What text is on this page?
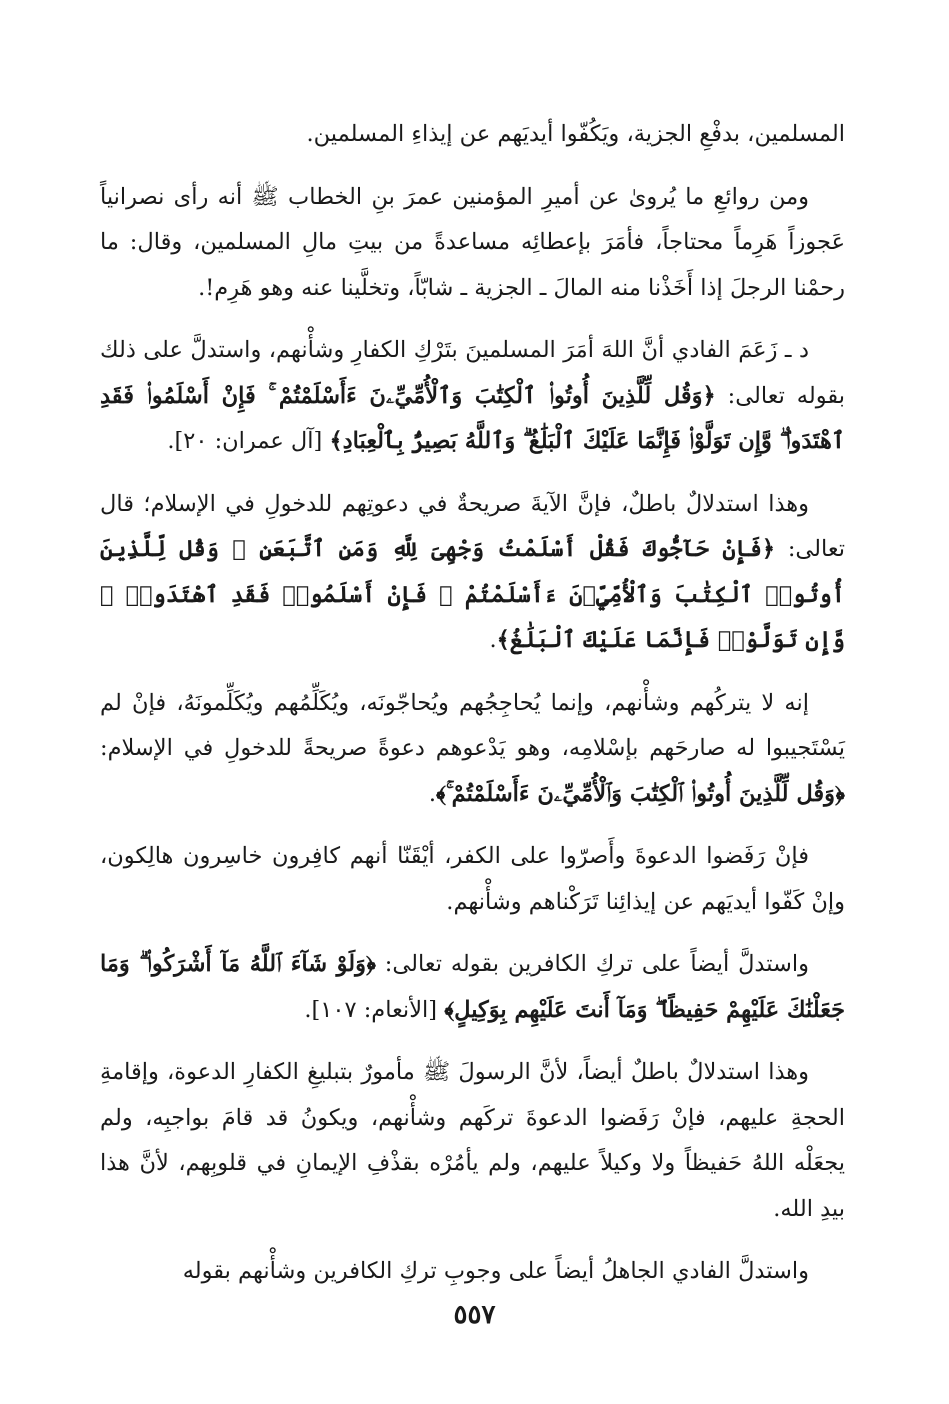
المسلمين، بدفْعِ الجزية، ويَكُفّوا أيديَهم عن إيذاءِ المسلمين.

ومن روائعِ ما يُروىٰ عن أميرِ المؤمنين عمرَ بنِ الخطاب ﷺ أنه رأى نصرانياً عَجوزاً هَرِماً محتاجاً، فأمَرَ بإعطائِه مساعدةً من بيتِ مالِ المسلمين، وقال: ما رحمْنا الرجلَ إذا أَخَذْنا منه المالَ ـ الجزية ـ شابّاً، وتخلَّينا عنه وهو هَرِم!.

د ـ زَعَمَ الفادي أنَّ اللهَ أمَرَ المسلمينَ بتَرْكِ الكفارِ وشأْنهم، واستدلَّ على ذلك بقوله تعالى: ﴿وَقُل لِّلَّذِينَ أُوتُوا۟ ٱلْكِتَٰبَ وَٱلْأُمِّيِّۦنَ ءَأَسْلَمْتُمْ ۚ فَإِنْ أَسْلَمُوا۟ فَقَدِ ٱهْتَدَوا۟ ۖ وَّإِن تَوَلَّوْا۟ فَإِنَّمَا عَلَيْكَ ٱلْبَلَٰغُ ۗ وَٱللَّهُ بَصِيرٌۢ بِٱلْعِبَادِ﴾ [آل عمران: ٢٠].

وهذا استدلالٌ باطلٌ، فإنَّ الآيةَ صريحةٌ في دعوتِهم للدخولِ في الإسلام؛ قال تعالى: ﴿فَإِنْ حَآجُّوكَ فَقُلْ أَسْلَمْتُ وَجْهِىَ لِلَّهِ وَمَنِ ٱتَّبَعَنِ ۗ وَقُل لِّلَّذِينَ أُوتُوا۟ ٱلْكِتَٰبَ وَٱلْأُمِّيِّۦنَ ءَأَسْلَمْتُمْ ۚ فَإِنْ أَسْلَمُوا۟ فَقَدِ ٱهْتَدَوا۟ ۖ وَّإِن تَوَلَّوْا۟ فَإِنَّمَا عَلَيْكَ ٱلْبَلَٰغُ﴾.

إنه لا يتركُهم وشأْنهم، وإنما يُحاجِجُهم ويُحاجّونَه، ويُكَلِّمُهم ويُكَلِّمونَهُ، فإنْ لم يَسْتَجيبوا له صارحَهم بإسْلامِه، وهو يَدْعوهم دعوةً صريحةً للدخولِ في الإسلام: ﴿وَقُل لِّلَّذِينَ أُوتُوا۟ ٱلْكِتَٰبَ وَٱلْأُمِّيِّۦنَ ءَأَسْلَمْتُمْ ۚ﴾.

فإنْ رَفَضوا الدعوةَ وأَصرّوا على الكفر، أيْقَنّا أنهم كافِرون خاسِرون هالِكون، وإنْ كَفّوا أيديَهم عن إيذائِنا تَرَكْناهم وشأْنهم.

واستدلَّ أيضاً على تركِ الكافرين بقوله تعالى: ﴿وَلَوْ شَآءَ ٱللَّهُ مَآ أَشْرَكُوا۟ ۗ وَمَا جَعَلْنَٰكَ عَلَيْهِمْ حَفِيظًا ۖ وَمَآ أَنتَ عَلَيْهِم بِوَكِيلٍ﴾ [الأنعام: ١٠٧].

وهذا استدلالٌ باطلٌ أيضاً، لأنَّ الرسولَ ﷺ مأمورٌ بتبليغِ الكفارِ الدعوة، وإقامةِ الحجةِ عليهم، فإنْ رَفَضوا الدعوةَ تركَهم وشأْنهم، ويكونُ قد قامَ بواجبِه، ولم يجعَلْه اللهُ حَفيظاً ولا وكيلاً عليهم، ولم يأمُرْه بقذْفِ الإيمانِ في قلوبِهم، لأنَّ هذا بيدِ الله.

واستدلَّ الفادي الجاهلُ أيضاً على وجوبِ تركِ الكافرين وشأْنهم بقوله

٥٥٧
